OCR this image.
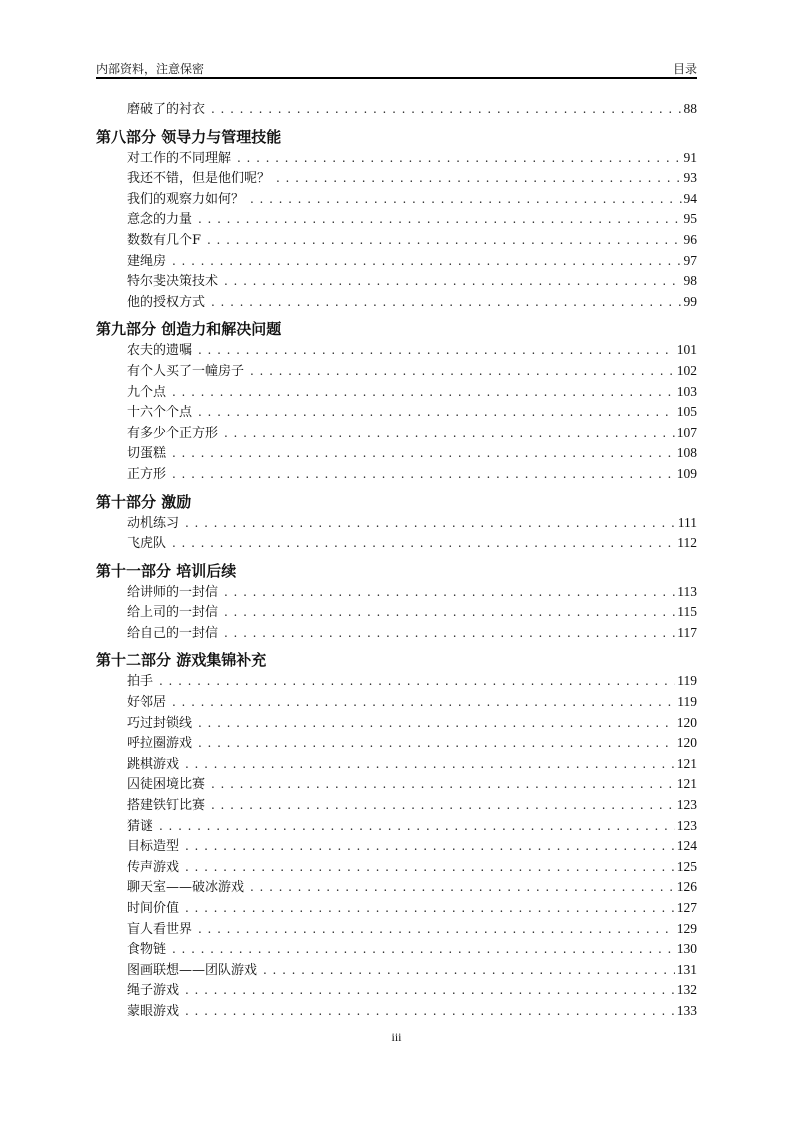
内部资料，注意保密	目录
磨破了的衬衣 . . .	88
第八部分 领导力与管理技能
对工作的不同理解 . . .	91
我还不错，但是他们呢？ . . .	93
我们的观察力如何？ . . .	94
意念的力量 . . .	95
数数有几个F . . .	96
建绳房 . . .	97
特尔斐决策技术 . . .	98
他的授权方式 . . .	99
第九部分 创造力和解决问题
农夫的遗嘱 . . .	101
有个人买了一幢房子 . . .	102
九个点 . . .	103
十六个个点 . . .	105
有多少个正方形 . . .	107
切蛋糕 . . .	108
正方形 . . .	109
第十部分 激励
动机练习 . . .	111
飞虎队 . . .	112
第十一部分 培训后续
给讲师的一封信 . . .	113
给上司的一封信 . . .	115
给自己的一封信 . . .	117
第十二部分 游戏集锦补充
拍手 . . .	119
好邻居 . . .	119
巧过封锁线 . . .	120
呼拉圈游戏 . . .	120
跳棋游戏 . . .	121
囚徒困境比赛 . . .	121
搭建铁钉比赛 . . .	123
猜谜 . . .	123
目标造型 . . .	124
传声游戏 . . .	125
聊天室——破冰游戏 . . .	126
时间价值 . . .	127
盲人看世界 . . .	129
食物链 . . .	130
图画联想——团队游戏 . . .	131
绳子游戏 . . .	132
蒙眼游戏 . . .	133
iii
